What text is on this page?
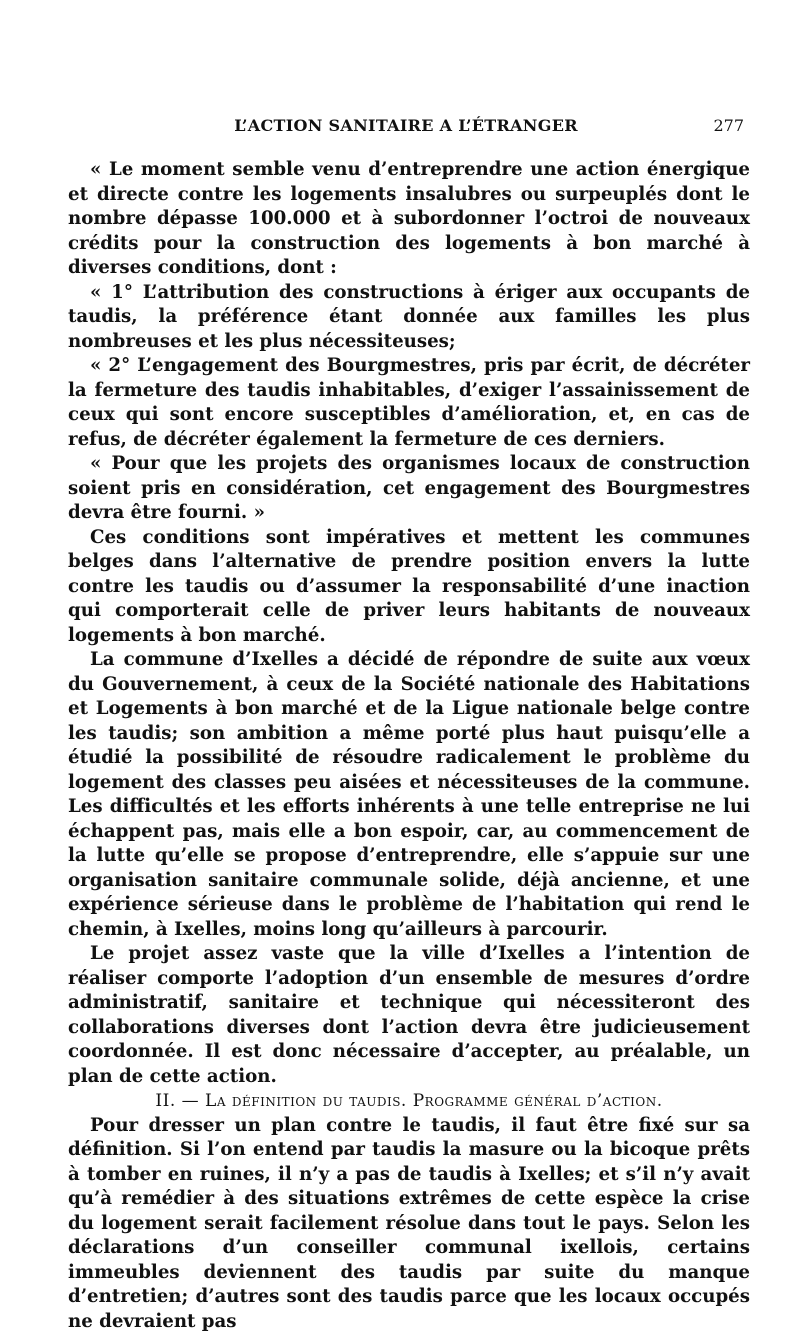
L’ACTION SANITAIRE A L’ÉTRANGER	277

« Le moment semble venu d’entreprendre une action énergique et directe contre les logements insalubres ou surpeuplés dont le nombre dépasse 100.000 et à subordonner l’octroi de nouveaux crédits pour la construction des logements à bon marché à diverses conditions, dont :

« 1° L’attribution des constructions à ériger aux occupants de taudis, la préférence étant donnée aux familles les plus nombreuses et les plus nécessiteuses;

« 2° L’engagement des Bourgmestres, pris par écrit, de décréter la fermeture des taudis inhabitables, d’exiger l’assainissement de ceux qui sont encore susceptibles d’amélioration, et, en cas de refus, de décréter également la fermeture de ces derniers.

« Pour que les projets des organismes locaux de construction soient pris en considération, cet engagement des Bourgmestres devra être fourni. »

Ces conditions sont impératives et mettent les communes belges dans l’alternative de prendre position envers la lutte contre les taudis ou d’assumer la responsabilité d’une inaction qui comporterait celle de priver leurs habitants de nouveaux logements à bon marché.

La commune d’Ixelles a décidé de répondre de suite aux vœux du Gouvernement, à ceux de la Société nationale des Habitations et Logements à bon marché et de la Ligue nationale belge contre les taudis; son ambition a même porté plus haut puisqu’elle a étudié la possibilité de résoudre radicalement le problème du logement des classes peu aisées et nécessiteuses de la commune. Les difficultés et les efforts inhérents à une telle entreprise ne lui échappent pas, mais elle a bon espoir, car, au commencement de la lutte qu’elle se propose d’entreprendre, elle s’appuie sur une organisation sanitaire communale solide, déjà ancienne, et une expérience sérieuse dans le problème de l’habitation qui rend le chemin, à Ixelles, moins long qu’ailleurs à parcourir.

Le projet assez vaste que la ville d’Ixelles a l’intention de réaliser comporte l’adoption d’un ensemble de mesures d’ordre administratif, sanitaire et technique qui nécessiteront des collaborations diverses dont l’action devra être judicieusement coordonnée. Il est donc nécessaire d’accepter, au préalable, un plan de cette action.

II. — La définition du taudis. Programme général d’action.

Pour dresser un plan contre le taudis, il faut être fixé sur sa définition. Si l’on entend par taudis la masure ou la bicoque prêts à tomber en ruines, il n’y a pas de taudis à Ixelles; et s’il n’y avait qu’à remédier à des situations extrêmes de cette espèce la crise du logement serait facilement résolue dans tout le pays. Selon les déclarations d’un conseiller communal ixellois, certains immeubles deviennent des taudis par suite du manque d’entretien; d’autres sont des taudis parce que les locaux occupés ne devraient pas
